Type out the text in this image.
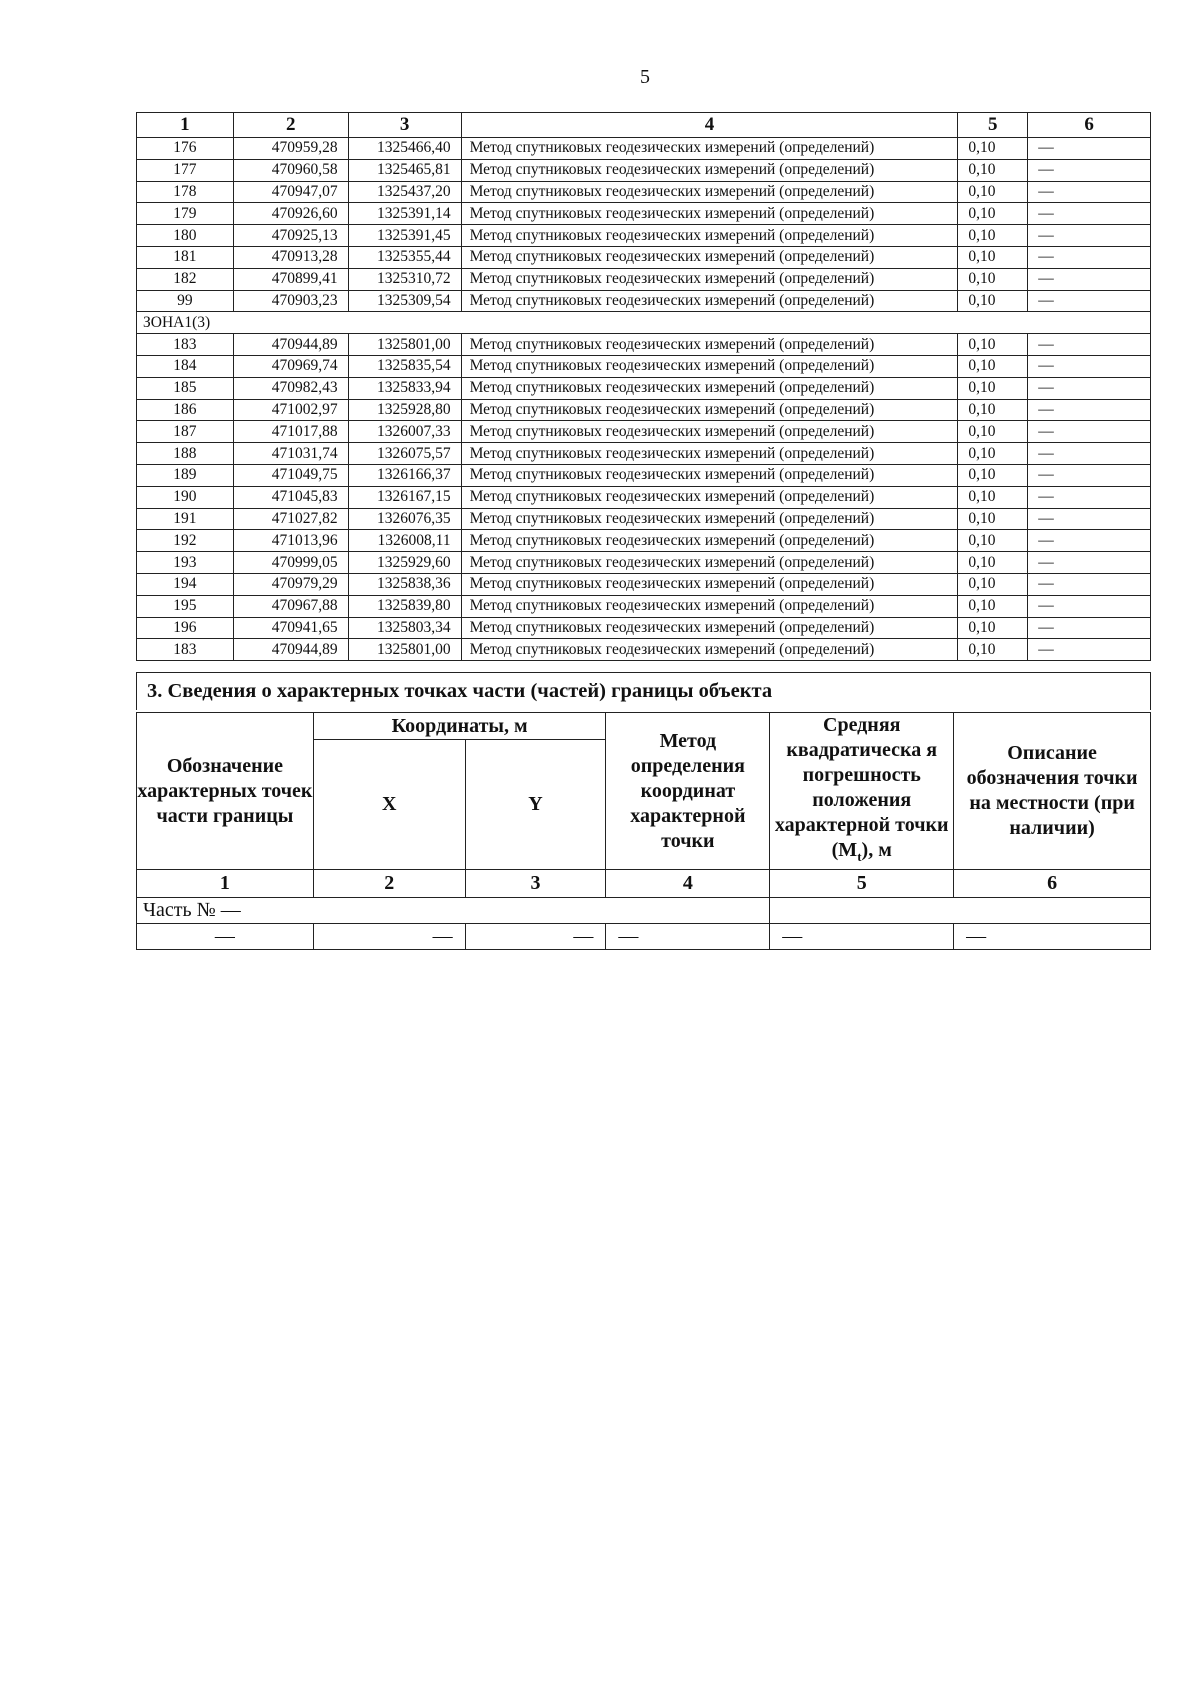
5
1	2	3	4	5	6
176	470959,28	1325466,40	Метод спутниковых геодезических измерений (определений)	0,10	—
177	470960,58	1325465,81	Метод спутниковых геодезических измерений (определений)	0,10	—
178	470947,07	1325437,20	Метод спутниковых геодезических измерений (определений)	0,10	—
179	470926,60	1325391,14	Метод спутниковых геодезических измерений (определений)	0,10	—
180	470925,13	1325391,45	Метод спутниковых геодезических измерений (определений)	0,10	—
181	470913,28	1325355,44	Метод спутниковых геодезических измерений (определений)	0,10	—
182	470899,41	1325310,72	Метод спутниковых геодезических измерений (определений)	0,10	—
99	470903,23	1325309,54	Метод спутниковых геодезических измерений (определений)	0,10	—
ЗОНА1(3)					
183	470944,89	1325801,00	Метод спутниковых геодезических измерений (определений)	0,10	—
184	470969,74	1325835,54	Метод спутниковых геодезических измерений (определений)	0,10	—
185	470982,43	1325833,94	Метод спутниковых геодезических измерений (определений)	0,10	—
186	471002,97	1325928,80	Метод спутниковых геодезических измерений (определений)	0,10	—
187	471017,88	1326007,33	Метод спутниковых геодезических измерений (определений)	0,10	—
188	471031,74	1326075,57	Метод спутниковых геодезических измерений (определений)	0,10	—
189	471049,75	1326166,37	Метод спутниковых геодезических измерений (определений)	0,10	—
190	471045,83	1326167,15	Метод спутниковых геодезических измерений (определений)	0,10	—
191	471027,82	1326076,35	Метод спутниковых геодезических измерений (определений)	0,10	—
192	471013,96	1326008,11	Метод спутниковых геодезических измерений (определений)	0,10	—
193	470999,05	1325929,60	Метод спутниковых геодезических измерений (определений)	0,10	—
194	470979,29	1325838,36	Метод спутниковых геодезических измерений (определений)	0,10	—
195	470967,88	1325839,80	Метод спутниковых геодезических измерений (определений)	0,10	—
196	470941,65	1325803,34	Метод спутниковых геодезических измерений (определений)	0,10	—
183	470944,89	1325801,00	Метод спутниковых геодезических измерений (определений)	0,10	—
3. Сведения о характерных точках части (частей) границы объекта
Обозначение характерных точек части границы	Координаты, м		Метод определения координат характерной точки	Средняя квадратическа я погрешность положения характерной точки $(M_t)$, м	Описание обозначения точки на местности (при наличии)
	X	Y			
1	2	3	4	5	6
Часть № —					
—	—	—	—	—	—
